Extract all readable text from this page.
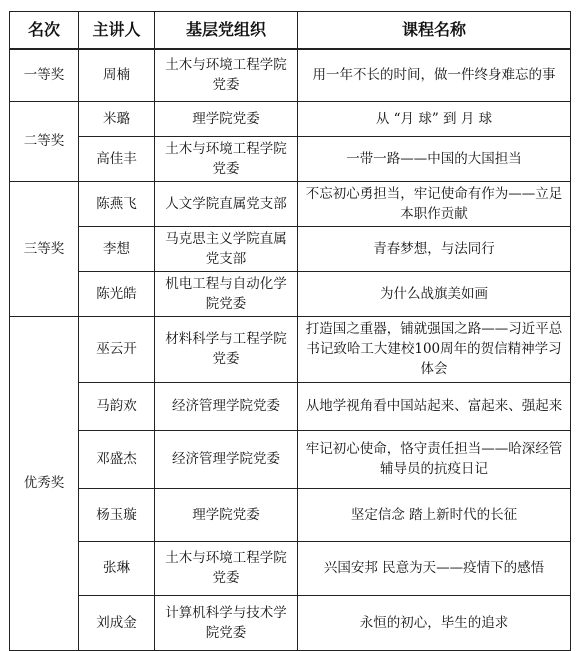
名次	主讲人	基层党组织	课程名称
一等奖	周楠	土木与环境工程学院党委	用一年不长的时间，做一件终身难忘的事
二等奖	米璐	理学院党委	从 “月 球” 到 月 球
	高佳丰	土木与环境工程学院党委	一带一路——中国的大国担当
三等奖	陈燕飞	人文学院直属党支部	不忘初心勇担当，牢记使命有作为——立足本职作贡献
	李想	马克思主义学院直属党支部	青春梦想，与法同行
	陈光皓	机电工程与自动化学院党委	为什么战旗美如画
优秀奖	巫云开	材料科学与工程学院党委	打造国之重器，铺就强国之路——习近平总书记致哈工大建校100周年的贺信精神学习体会
	马韵欢	经济管理学院党委	从地学视角看中国站起来、富起来、强起来
	邓盛杰	经济管理学院党委	牢记初心使命，恪守责任担当——哈深经管辅导员的抗疫日记
	杨玉璇	理学院党委	坚定信念 踏上新时代的长征
	张琳	土木与环境工程学院党委	兴国安邦 民意为天——疫情下的感悟
	刘成金	计算机科学与技术学院党委	永恒的初心，毕生的追求
